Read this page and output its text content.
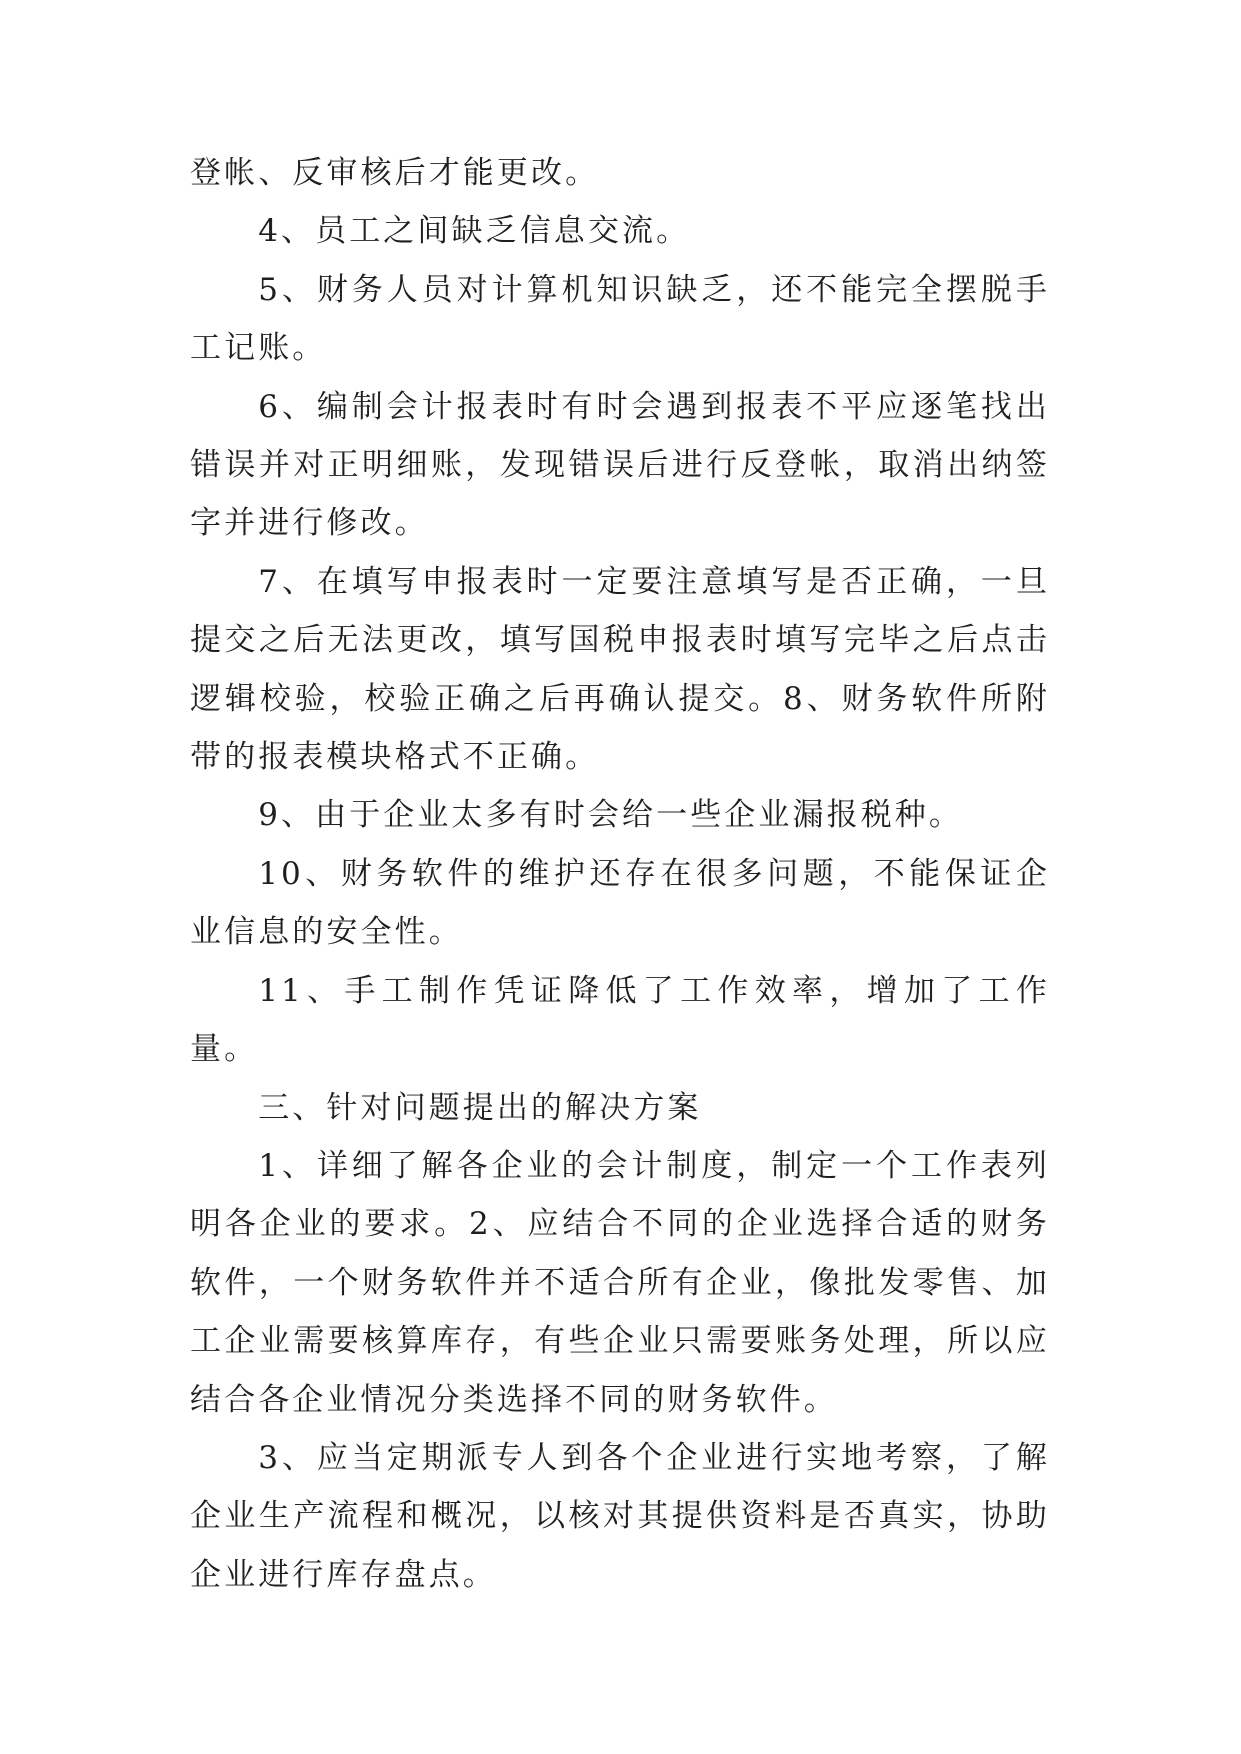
登帐、反审核后才能更改。

4、员工之间缺乏信息交流。

5、财务人员对计算机知识缺乏，还不能完全摆脱手工记账。

6、编制会计报表时有时会遇到报表不平应逐笔找出错误并对正明细账，发现错误后进行反登帐，取消出纳签字并进行修改。

7、在填写申报表时一定要注意填写是否正确，一旦提交之后无法更改，填写国税申报表时填写完毕之后点击逻辑校验，校验正确之后再确认提交。8、财务软件所附带的报表模块格式不正确。

9、由于企业太多有时会给一些企业漏报税种。

10、财务软件的维护还存在很多问题，不能保证企业信息的安全性。

11、手工制作凭证降低了工作效率，增加了工作量。

三、针对问题提出的解决方案

1、详细了解各企业的会计制度，制定一个工作表列明各企业的要求。2、应结合不同的企业选择合适的财务软件，一个财务软件并不适合所有企业，像批发零售、加工企业需要核算库存，有些企业只需要账务处理，所以应结合各企业情况分类选择不同的财务软件。

3、应当定期派专人到各个企业进行实地考察，了解企业生产流程和概况，以核对其提供资料是否真实，协助企业进行库存盘点。
